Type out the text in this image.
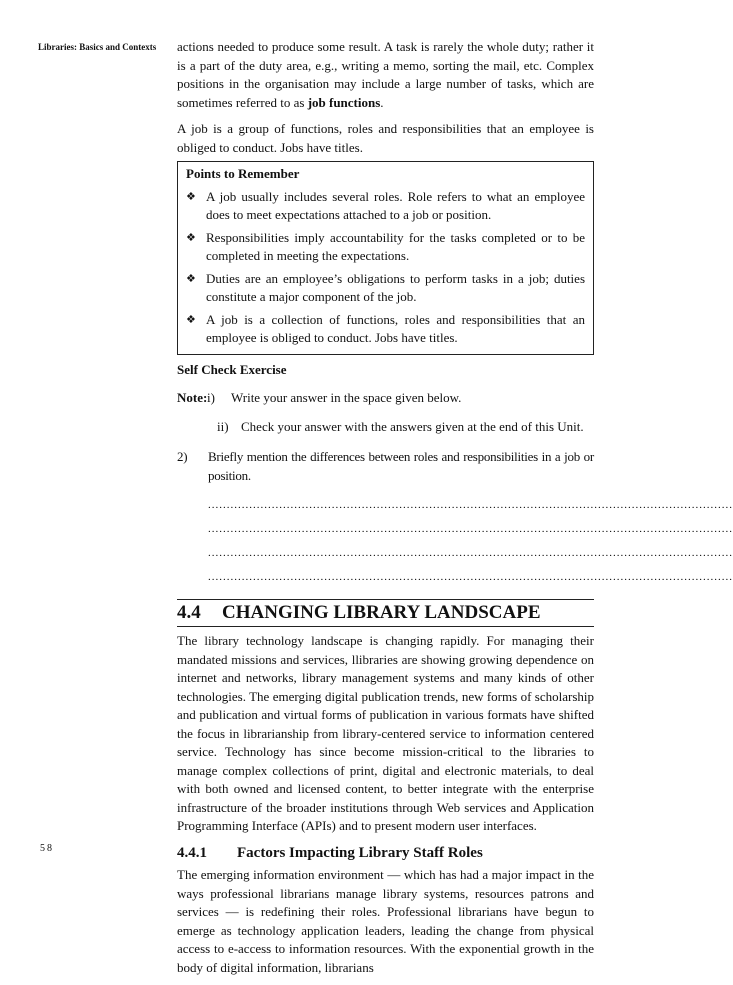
Libraries: Basics and Contexts actions needed to produce some result. A task is rarely the whole duty; rather it is a part of the duty area, e.g., writing a memo, sorting the mail, etc. Complex positions in the organisation may include a large number of tasks, which are sometimes referred to as job functions.

A job is a group of functions, roles and responsibilities that an employee is obliged to conduct. Jobs have titles.

Points to Remember
❖ A job usually includes several roles. Role refers to what an employee does to meet expectations attached to a job or position.
❖ Responsibilities imply accountability for the tasks completed or to be completed in meeting the expectations.
❖ Duties are an employee’s obligations to perform tasks in a job; duties constitute a major component of the job.
❖ A job is a collection of functions, roles and responsibilities that an employee is obliged to conduct. Jobs have titles.
Self Check Exercise
Note: i)	Write your answer in the space given below.
ii) Check your answer with the answers given at the end of this Unit.
2)	Briefly mention the differences between roles and responsibilities in a job or position.
............................................................................................................................................
............................................................................................................................................
............................................................................................................................................
............................................................................................................................................
4.4	CHANGING LIBRARY LANDSCAPE

The library technology landscape is changing rapidly. For managing their mandated missions and services, llibraries are showing growing dependence on internet and networks, library management systems and many kinds of other technologies. The emerging digital publication trends, new forms of scholarship and publication and virtual forms of publication in various formats have shifted the focus in librarianship from library-centered service to information centered service. Technology has since become mission-critical to the libraries to manage complex collections of print, digital and electronic materials, to deal with both owned and licensed content, to better integrate with the enterprise infrastructure of the broader institutions through Web services and Application Programming Interface (APIs) and to present modern user interfaces.

4.4.1	Factors Impacting Library Staff Roles

The emerging information environment — which has had a major impact in the ways professional librarians manage library systems, resources patrons and services — is redefining their roles. Professional librarians have begun to emerge as technology application leaders, leading the change from physical access to e-access to information resources. With the exponential growth in the body of digital information, librarians

58
